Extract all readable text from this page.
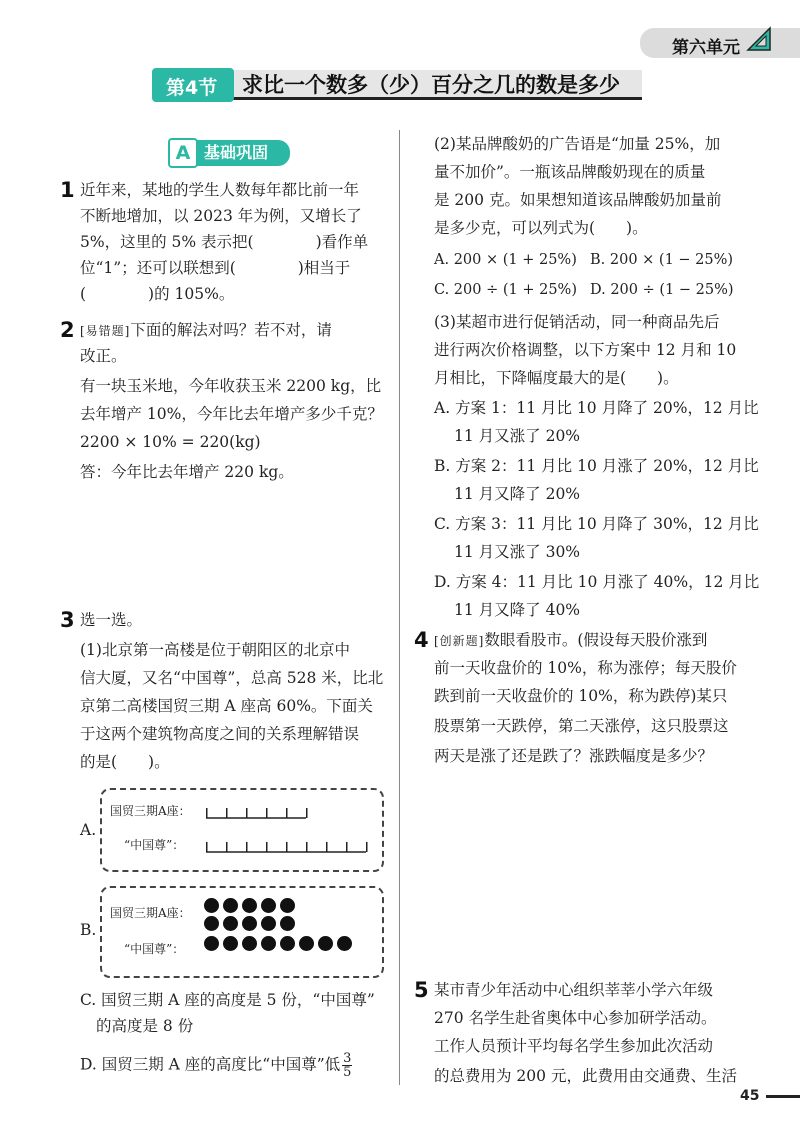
第六单元
求比一个数多（少）百分之几的数是多少
第4节
A 基础巩固
1 近年来，某地的学生人数每年都比前一年
不断地增加，以 2023 年为例，又增长了
5%，这里的 5% 表示把(　　　　)看作单
位“1”；还可以联想到(　　　　)相当于
(　　　　)的 105%。
2 [易错题]下面的解法对吗？若不对，请
改正。
有一块玉米地，今年收获玉米 2200 kg，比
去年增产 10%，今年比去年增产多少千克？
2200 × 10% = 220(kg)
答：今年比去年增产 220 kg。
3 选一选。
(1)北京第一高楼是位于朝阳区的北京中
信大厦，又名“中国尊”，总高 528 米，比北
京第二高楼国贸三期 A 座高 60%。下面关
于这两个建筑物高度之间的关系理解错误
的是(　　)。
A.
国贸三期A座：
“中国尊”：
B.
国贸三期A座：
“中国尊”：
C. 国贸三期 A 座的高度是 5 份，“中国尊”
的高度是 8 份
D. 国贸三期 A 座的高度比“中国尊”低 $\frac{3}{5}$
(2)某品牌酸奶的广告语是“加量 25%，加
量不加价”。一瓶该品牌酸奶现在的质量
是 200 克。如果想知道该品牌酸奶加量前
是多少克，可以列式为(　　)。
A. 200 × (1 + 25%) B. 200 × (1 − 25%)
C. 200 ÷ (1 + 25%) D. 200 ÷ (1 − 25%)
(3)某超市进行促销活动，同一种商品先后
进行两次价格调整，以下方案中 12 月和 10
月相比，下降幅度最大的是(　　)。
A. 方案 1：11 月比 10 月降了 20%，12 月比
11 月又涨了 20%
B. 方案 2：11 月比 10 月涨了 20%，12 月比
11 月又降了 20%
C. 方案 3：11 月比 10 月降了 30%，12 月比
11 月又涨了 30%
D. 方案 4：11 月比 10 月涨了 40%，12 月比
11 月又降了 40%
4 [创新题]数眼看股市。(假设每天股价涨到
前一天收盘价的 10%，称为涨停；每天股价
跌到前一天收盘价的 10%，称为跌停)某只
股票第一天跌停，第二天涨停，这只股票这
两天是涨了还是跌了？涨跌幅度是多少？
5 某市青少年活动中心组织莘莘小学六年级
270 名学生赴省奥体中心参加研学活动。
工作人员预计平均每名学生参加此次活动
的总费用为 200 元，此费用由交通费、生活
45
